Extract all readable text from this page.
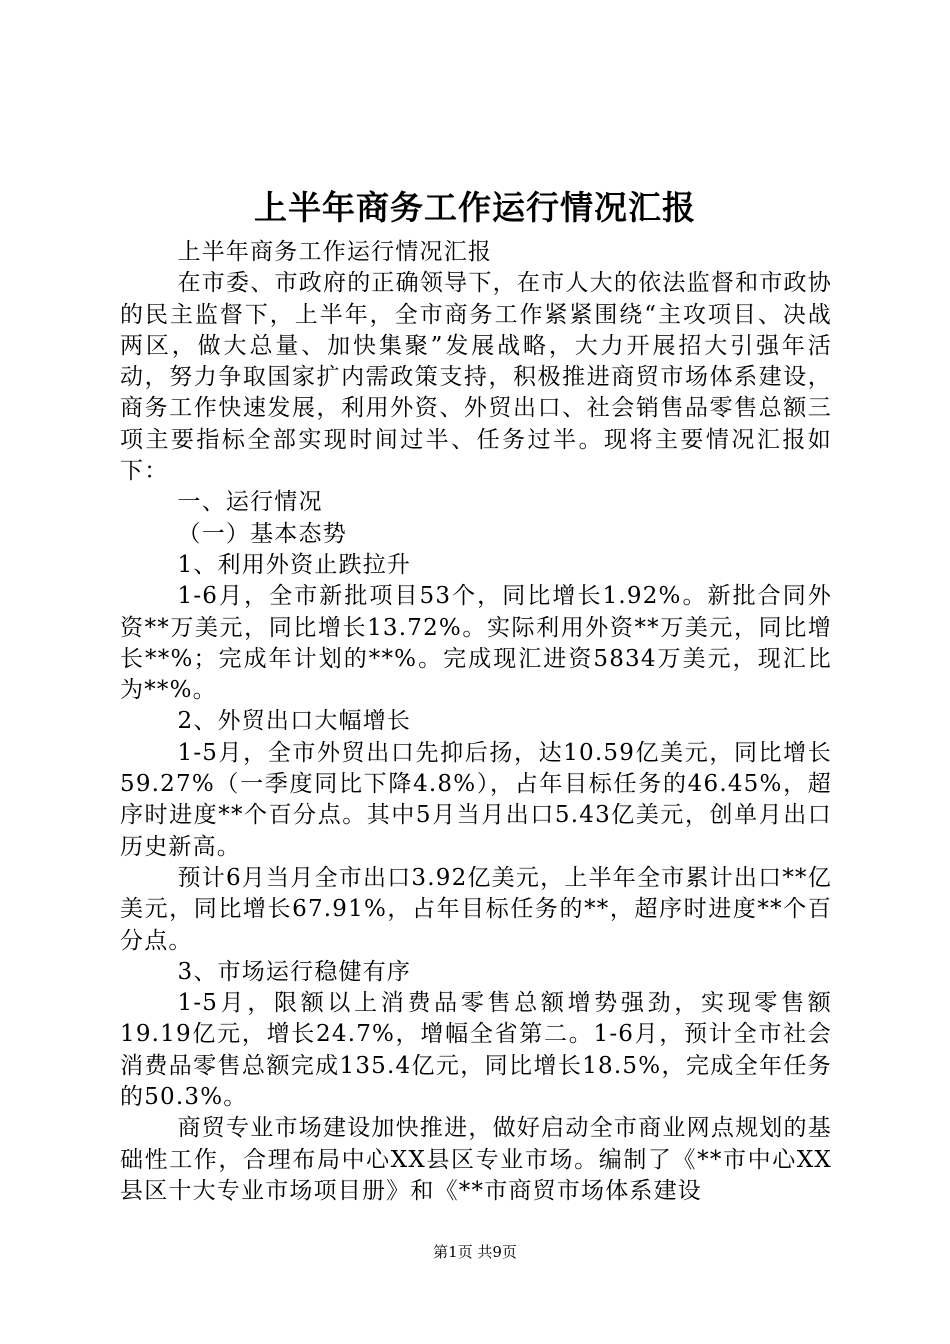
上半年商务工作运行情况汇报

上半年商务工作运行情况汇报

在市委、市政府的正确领导下，在市人大的依法监督和市政协的民主监督下，上半年，全市商务工作紧紧围绕“主攻项目、决战两区，做大总量、加快集聚”发展战略，大力开展招大引强年活动，努力争取国家扩内需政策支持，积极推进商贸市场体系建设，商务工作快速发展，利用外资、外贸出口、社会销售品零售总额三项主要指标全部实现时间过半、任务过半。现将主要情况汇报如下：

一、运行情况

（一）基本态势

1、利用外资止跌拉升

1-6月，全市新批项目53个，同比增长1.92%。新批合同外资**万美元，同比增长13.72%。实际利用外资**万美元，同比增长**%；完成年计划的**%。完成现汇进资5834万美元，现汇比为**%。

2、外贸出口大幅增长

1-5月，全市外贸出口先抑后扬，达10.59亿美元，同比增长59.27%（一季度同比下降4.8%），占年目标任务的46.45%，超序时进度**个百分点。其中5月当月出口5.43亿美元，创单月出口历史新高。

预计6月当月全市出口3.92亿美元，上半年全市累计出口**亿美元，同比增长67.91%，占年目标任务的**，超序时进度**个百分点。

3、市场运行稳健有序

1-5月，限额以上消费品零售总额增势强劲，实现零售额19.19亿元，增长24.7%，增幅全省第二。1-6月，预计全市社会消费品零售总额完成135.4亿元，同比增长18.5%，完成全年任务的50.3%。

商贸专业市场建设加快推进，做好启动全市商业网点规划的基础性工作，合理布局中心XX县区专业市场。编制了《**市中心XX县区十大专业市场项目册》和《**市商贸市场体系建设

第1页 共9页
